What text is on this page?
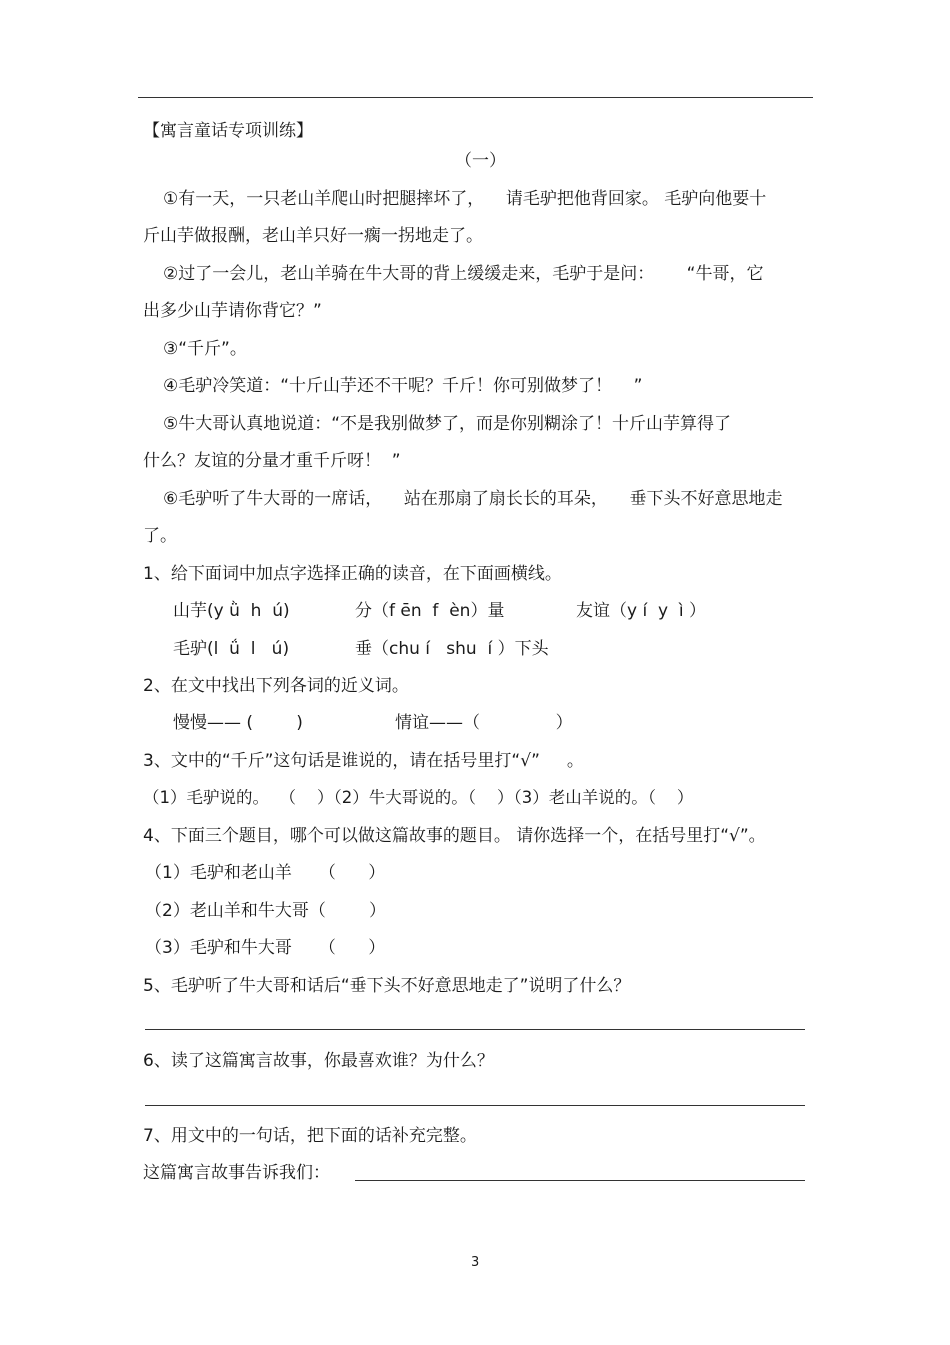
【寓言童话专项训练】
（一）
①有一天，一只老山羊爬山时把腿摔坏了，    请毛驴把他背回家。 毛驴向他要十
斤山芋做报酬，老山羊只好一瘸一拐地走了。
②过了一会儿，老山羊骑在牛大哥的背上缓缓走来，毛驴于是问：      “牛哥，它
出多少山芋请你背它？”
③“千斤”。
④毛驴冷笑道：“十斤山芋还不干呢？千斤！你可别做梦了！    ”
⑤牛大哥认真地说道：“不是我别做梦了，而是你别糊涂了！十斤山芋算得了
什么？友谊的分量才重千斤呀！  ”
⑥毛驴听了牛大哥的一席话，    站在那扇了扇长长的耳朵，    垂下头不好意思地走
了。
1、给下面词中加点字选择正确的读音，在下面画横线。
山芋(y ǜ  h  ú)	分（f ēn  f  èn）量	友谊（y í  y  ì ）
毛驴(l  ǘ  l   ú)	垂（chu í   shu  í ）下头
2、在文中找出下列各词的近义词。
慢慢—— (        )	情谊——（              ）
3、文中的“千斤”这句话是谁说的，请在括号里打“√”     。
（1）毛驴说的。  （    ）（2）牛大哥说的。（    ）（3）老山羊说的。（    ）
4、下面三个题目，哪个可以做这篇故事的题目。 请你选择一个，在括号里打“√”。
（1）毛驴和老山羊     （      ）
（2）老山羊和牛大哥（        ）
（3）毛驴和牛大哥     （      ）
5、毛驴听了牛大哥和话后“垂下头不好意思地走了”说明了什么？
6、读了这篇寓言故事，你最喜欢谁？为什么？
7、用文中的一句话，把下面的话补充完整。
这篇寓言故事告诉我们：
3
